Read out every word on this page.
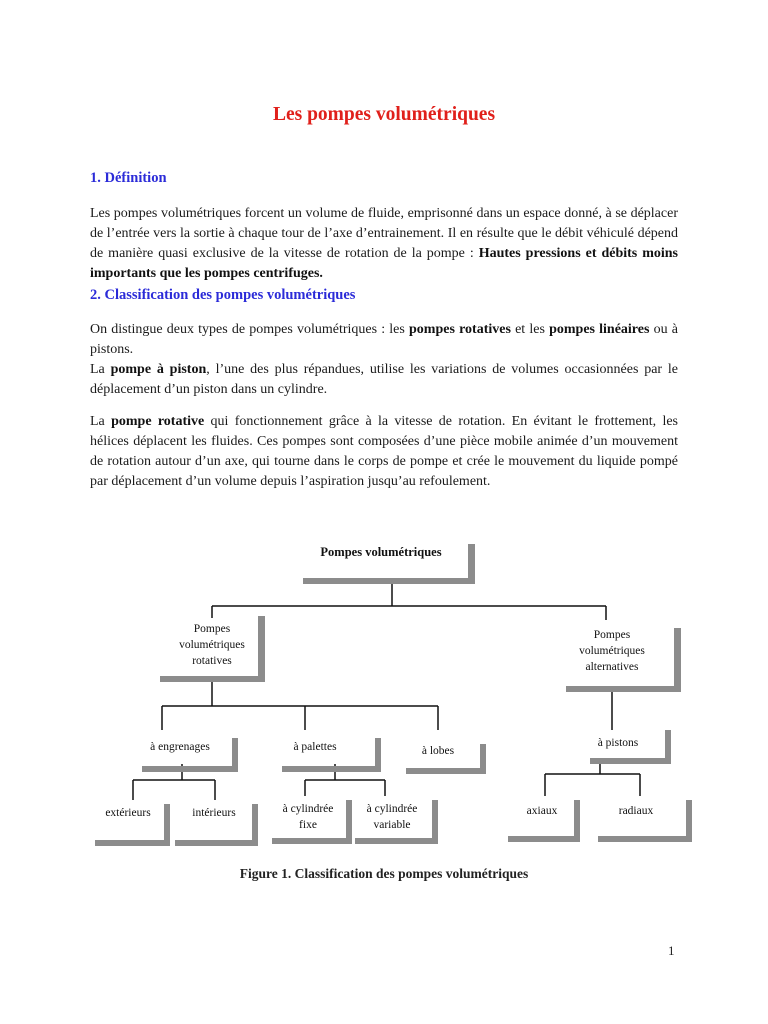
Les pompes volumétriques
1. Définition

Les pompes volumétriques forcent un volume de fluide, emprisonné dans un espace donné, à se déplacer de l’entrée vers la sortie à chaque tour de l’axe d’entrainement. Il en résulte que le débit véhiculé dépend de manière quasi exclusive de la vitesse de rotation de la pompe : Hautes pressions et débits moins importants que les pompes centrifuges.

2. Classification des pompes volumétriques

On distingue deux types de pompes volumétriques : les pompes rotatives et les pompes linéaires ou à pistons.

La pompe à piston, l’une des plus répandues, utilise les variations de volumes occasionnées par le déplacement d’un piston dans un cylindre.

La pompe rotative qui fonctionnement grâce à la vitesse de rotation. En évitant le frottement, les hélices déplacent les fluides. Ces pompes sont composées d’une pièce mobile animée d’un mouvement de rotation autour d’un axe, qui tourne dans le corps de pompe et crée le mouvement du liquide pompé par déplacement d’un volume depuis l’aspiration jusqu’au refoulement.

Pompes volumétriques
Pompes
volumétriques
rotatives
Pompes
volumétriques
alternatives
à engrenages	à palettes	à lobes
à pistons
extérieurs	intérieurs	à cylindrée
fixe
à cylindrée
variable
axiaux	radiaux

Figure 1. Classification des pompes volumétriques

1
